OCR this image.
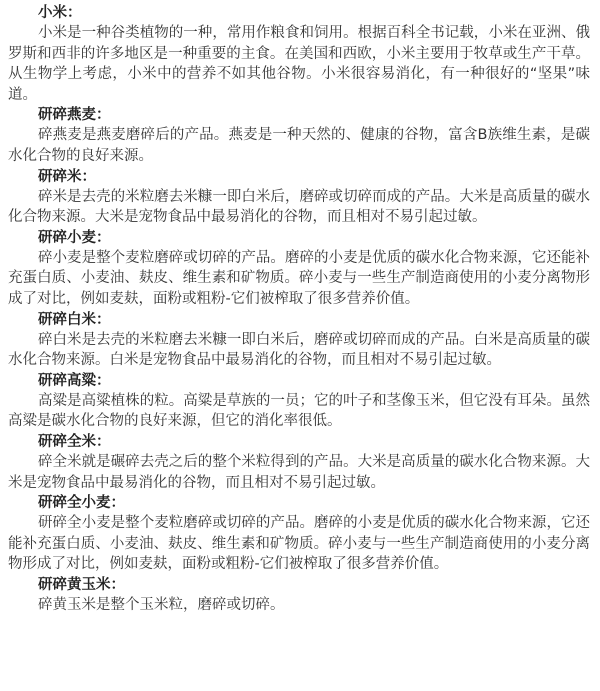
小米：

小米是一种谷类植物的一种，常用作粮食和饲用。根据百科全书记载，小米在亚洲、俄罗斯和西非的许多地区是一种重要的主食。在美国和西欧，小米主要用于牧草或生产干草。从生物学上考虑，小米中的营养不如其他谷物。小米很容易消化，有一种很好的“坚果”味道。

研碎燕麦：

碎燕麦是燕麦磨碎后的产品。燕麦是一种天然的、健康的谷物，富含B族维生素，是碳水化合物的良好来源。

研碎米：

碎米是去壳的米粒磨去米糠一即白米后，磨碎或切碎而成的产品。大米是高质量的碳水化合物来源。大米是宠物食品中最易消化的谷物，而且相对不易引起过敏。

研碎小麦：

碎小麦是整个麦粒磨碎或切碎的产品。磨碎的小麦是优质的碳水化合物来源，它还能补充蛋白质、小麦油、麸皮、维生素和矿物质。碎小麦与一些生产制造商使用的小麦分离物形成了对比，例如麦麸，面粉或粗粉-它们被榨取了很多营养价值。

研碎白米：

碎白米是去壳的米粒磨去米糠一即白米后，磨碎或切碎而成的产品。白米是高质量的碳水化合物来源。白米是宠物食品中最易消化的谷物，而且相对不易引起过敏。

研碎高粱：

高粱是高粱植株的粒。高粱是草族的一员；它的叶子和茎像玉米，但它没有耳朵。虽然高粱是碳水化合物的良好来源，但它的消化率很低。

研碎全米：

碎全米就是碾碎去壳之后的整个米粒得到的产品。大米是高质量的碳水化合物来源。大米是宠物食品中最易消化的谷物，而且相对不易引起过敏。

研碎全小麦：

研碎全小麦是整个麦粒磨碎或切碎的产品。磨碎的小麦是优质的碳水化合物来源，它还能补充蛋白质、小麦油、麸皮、维生素和矿物质。碎小麦与一些生产制造商使用的小麦分离物形成了对比，例如麦麸，面粉或粗粉-它们被榨取了很多营养价值。

研碎黄玉米：

碎黄玉米是整个玉米粒，磨碎或切碎。
